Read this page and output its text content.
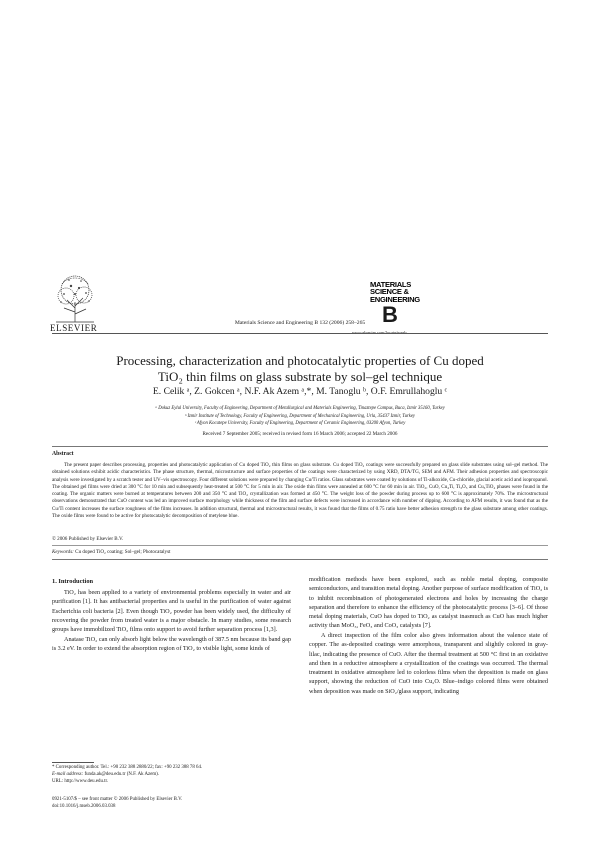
ELSEVIER	Materials Science and Engineering B 132 (2006) 258–265
MATERIALS
SCIENCE &
ENGINEERING
B
www.elsevier.com/locate/mseb
Processing, characterization and photocatalytic properties of Cu doped
TiO₂ thin films on glass substrate by sol–gel technique
E. Celik ᵃ, Z. Gokcen ᵃ, N.F. Ak Azem ᵃ,*, M. Tanoglu ᵇ, O.F. Emrullahoglu ᶜ
ᵃ Dokuz Eylul University, Faculty of Engineering, Department of Metallurgical and Materials Engineering, Tinaztepe Campus, Buca, Izmir 35160, Turkey
ᵇ Izmir Institute of Technology, Faculty of Engineering, Department of Mechanical Engineering, Urla, 35437 Izmir, Turkey
ᶜ Afyon Kocatepe University, Faculty of Engineering, Department of Ceramic Engineering, 03200 Afyon, Turkey
Received 7 September 2005; received in revised form 16 March 2006; accepted 22 March 2006
Abstract
The present paper describes processing, properties and photocatalytic application of Cu doped TiO₂ thin films on glass substrate. Cu doped TiO₂ coatings were successfully prepared on glass slide substrates using sol–gel method. The obtained solutions exhibit acidic characteristics. The phase structure, thermal, microstructure and surface properties of the coatings were characterized by using XRD, DTA/TG, SEM and AFM. Their adhesion properties and spectroscopic analysis were investigated by a scratch tester and UV–vis spectroscopy. Four different solutions were prepared by changing Cu/Ti ratios. Glass substrates were coated by solutions of Ti-alkoxide, Cu-chloride, glacial acetic acid and isopropanol. The obtained gel films were dried at 300 °C for 10 min and subsequently heat-treated at 500 °C for 5 min in air. The oxide thin films were annealed at 600 °C for 60 min in air. TiO₂, CuO, Cu₄Ti, Ti₃O₅ and Cu₃TiO₄ phases were found in the coating. The organic matters were burned at temperatures between 200 and 350 °C and TiO₂ crystallization was formed at 450 °C. The weight loss of the powder during process up to 600 °C is approximately 70%. The microstructural observations demonstrated that CuO content was led an improved surface morphology while thickness of the film and surface defects were increased in accordance with number of dipping. According to AFM results, it was found that as the Cu/Ti content increases the surface roughness of the films increases. In addition structural, thermal and microstructural results, it was found that the films of 0.75 ratio have better adhesion strength to the glass substrate among other coatings. The oxide films were found to be active for photocatalytic decomposition of metylene blue.
© 2006 Published by Elsevier B.V.
Keywords: Cu doped TiO₂ coating; Sol–gel; Photocatalyst
1. Introduction

TiO₂ has been applied to a variety of environmental problems especially in water and air purification [1]. It has antibacterial properties and is useful in the purification of water against Escherichia coli bacteria [2]. Even though TiO₂ powder has been widely used, the difficulty of recovering the powder from treated water is a major obstacle. In many studies, some research groups have immobilized TiO₂ films onto support to avoid further separation process [1,3].

Anatase TiO₂ can only absorb light below the wavelength of 387.5 nm because its band gap is 3.2 eV. In order to extend the absorption region of TiO₂ to visible light, some kinds of

modification methods have been explored, such as noble metal doping, composite semiconductors, and transition metal doping. Another purpose of surface modification of TiO₂ is to inhibit recombination of photogenerated electrons and holes by increasing the charge separation and therefore to enhance the efficiency of the photocatalytic process [3–6]. Of those metal doping materials, CuO has doped to TiO₂ as catalyst inasmuch as CuO has much higher activity than MoO₃, FeO₃ and CoO₃ catalysts [7].

A direct inspection of the film color also gives information about the valence state of copper. The as-deposited coatings were amorphous, transparent and slightly colored in gray-lilac, indicating the presence of CuO. After the thermal treatment at 500 °C first in an oxidative and then in a reductive atmosphere a crystallization of the coatings was occurred. The thermal treatment in oxidative atmosphere led to colorless films when the deposition is made on glass support, showing the reduction of CuO into Cu₂O. Blue–indigo colored films were obtained when deposition was made on SiO₂/glass support, indicating

* Corresponding author. Tel.: +90 232 388 2880/22; fax: +90 232 388 78 64.
E-mail address: funda.ak@deu.edu.tr (N.F. Ak Azem).
URL: http://www.deu.edu.tr.
0921-5107/$ – see front matter © 2006 Published by Elsevier B.V.
doi:10.1016/j.mseb.2006.03.038
